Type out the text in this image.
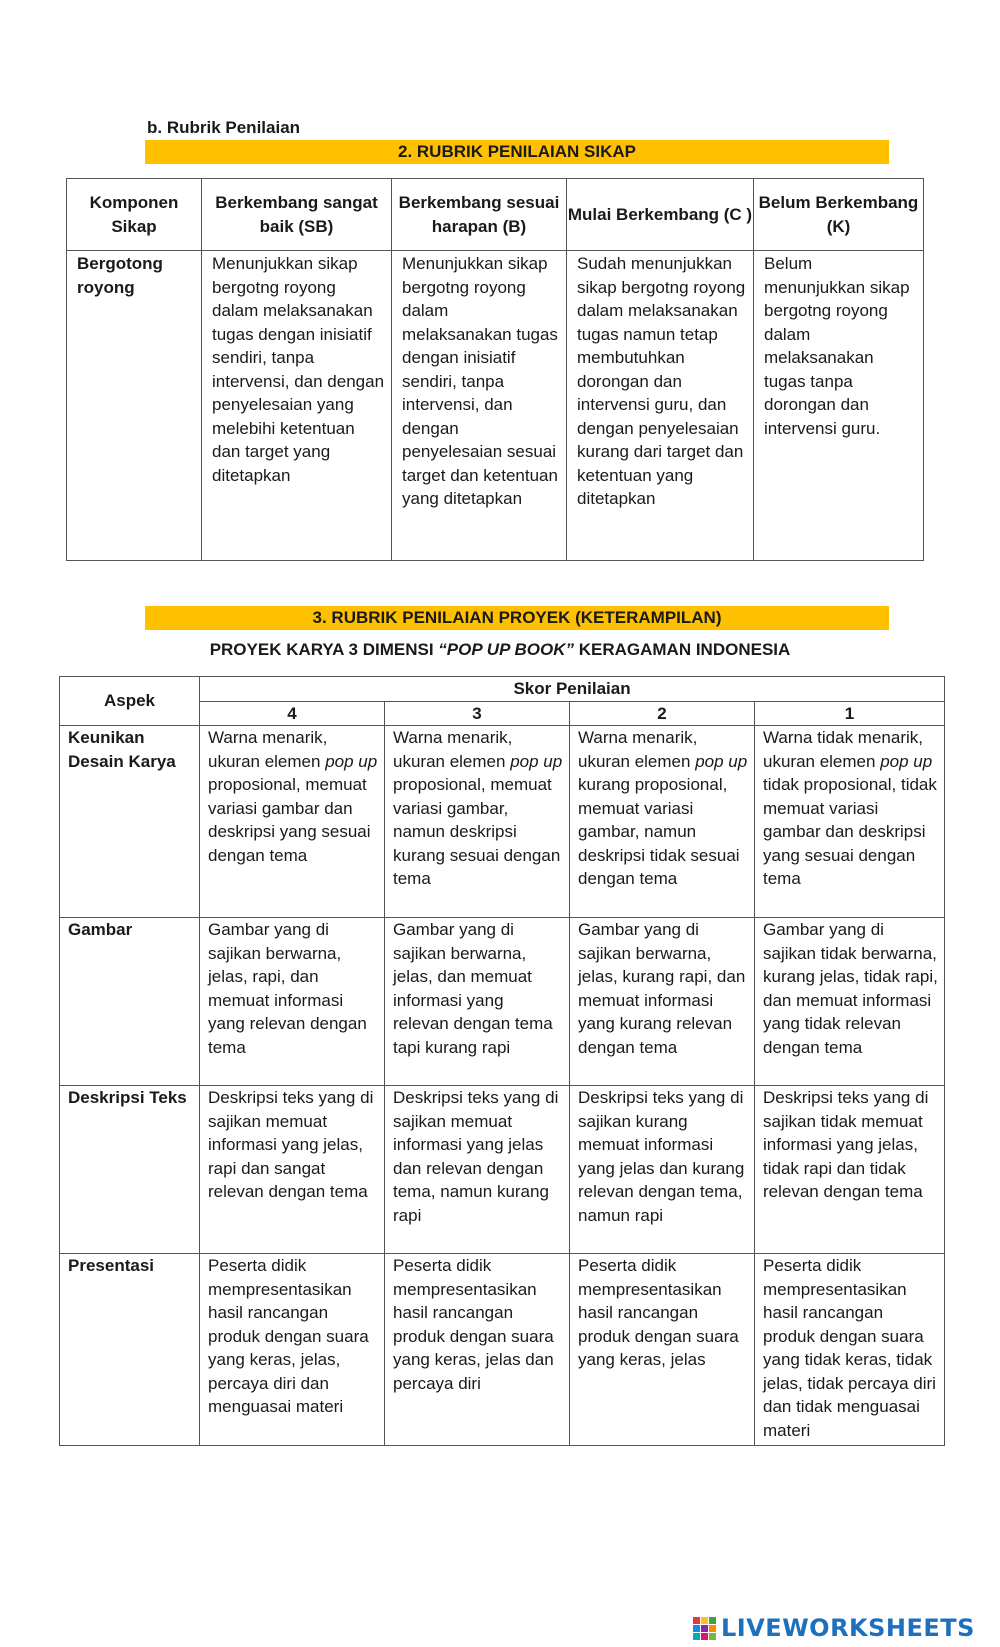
b. Rubrik Penilaian
2. RUBRIK PENILAIAN SIKAP
Komponen Sikap	Berkembang sangat baik (SB)	Berkembang sesuai harapan (B)	Mulai Berkembang (C )	Belum Berkembang (K)
Bergotong royong	Menunjukkan sikap bergotng royong dalam melaksanakan tugas dengan inisiatif sendiri, tanpa intervensi, dan dengan penyelesaian yang melebihi ketentuan dan target yang ditetapkan	Menunjukkan sikap bergotng royong dalam melaksanakan tugas dengan inisiatif sendiri, tanpa intervensi, dan dengan penyelesaian sesuai target dan ketentuan yang ditetapkan	Sudah menunjukkan sikap bergotng royong dalam melaksanakan tugas namun tetap membutuhkan dorongan dan intervensi guru, dan dengan penyelesaian kurang dari target dan ketentuan yang ditetapkan	Belum menunjukkan sikap bergotng royong dalam melaksanakan tugas tanpa dorongan dan intervensi guru.
3. RUBRIK PENILAIAN PROYEK (KETERAMPILAN)
PROYEK KARYA 3 DIMENSI “POP UP BOOK” KERAGAMAN INDONESIA
Aspek	Skor Penilaian			
	4	3	2	1
Keunikan Desain Karya	Warna menarik, ukuran elemen pop up proposional, memuat variasi gambar dan deskripsi yang sesuai dengan tema	Warna menarik, ukuran elemen pop up proposional, memuat variasi gambar, namun deskripsi kurang sesuai dengan tema	Warna menarik, ukuran elemen pop up kurang proposional, memuat variasi gambar, namun deskripsi tidak sesuai dengan tema	Warna tidak menarik, ukuran elemen pop up tidak proposional, tidak memuat variasi gambar dan deskripsi yang sesuai dengan tema
Gambar	Gambar yang di sajikan berwarna, jelas, rapi, dan memuat informasi yang relevan dengan tema	Gambar yang di sajikan berwarna, jelas, dan memuat informasi yang relevan dengan tema tapi kurang rapi	Gambar yang di sajikan berwarna, jelas, kurang rapi, dan memuat informasi yang kurang relevan dengan tema	Gambar yang di sajikan tidak berwarna, kurang jelas, tidak rapi, dan memuat informasi yang tidak relevan dengan tema
Deskripsi Teks	Deskripsi teks yang di sajikan memuat informasi yang jelas, rapi dan sangat relevan dengan tema	Deskripsi teks yang di sajikan memuat informasi yang jelas dan relevan dengan tema, namun kurang rapi	Deskripsi teks yang di sajikan kurang memuat informasi yang jelas dan kurang relevan dengan tema, namun rapi	Deskripsi teks yang di sajikan tidak memuat informasi yang jelas, tidak rapi dan tidak relevan dengan tema
Presentasi	Peserta didik mempresentasikan hasil rancangan produk dengan suara yang keras, jelas, percaya diri dan menguasai materi	Peserta didik mempresentasikan hasil rancangan produk dengan suara yang keras, jelas dan percaya diri	Peserta didik mempresentasikan hasil rancangan produk dengan suara yang keras, jelas	Peserta didik mempresentasikan hasil rancangan produk dengan suara yang tidak keras, tidak jelas, tidak percaya diri dan tidak menguasai materi
LIVEWORKSHEETS
